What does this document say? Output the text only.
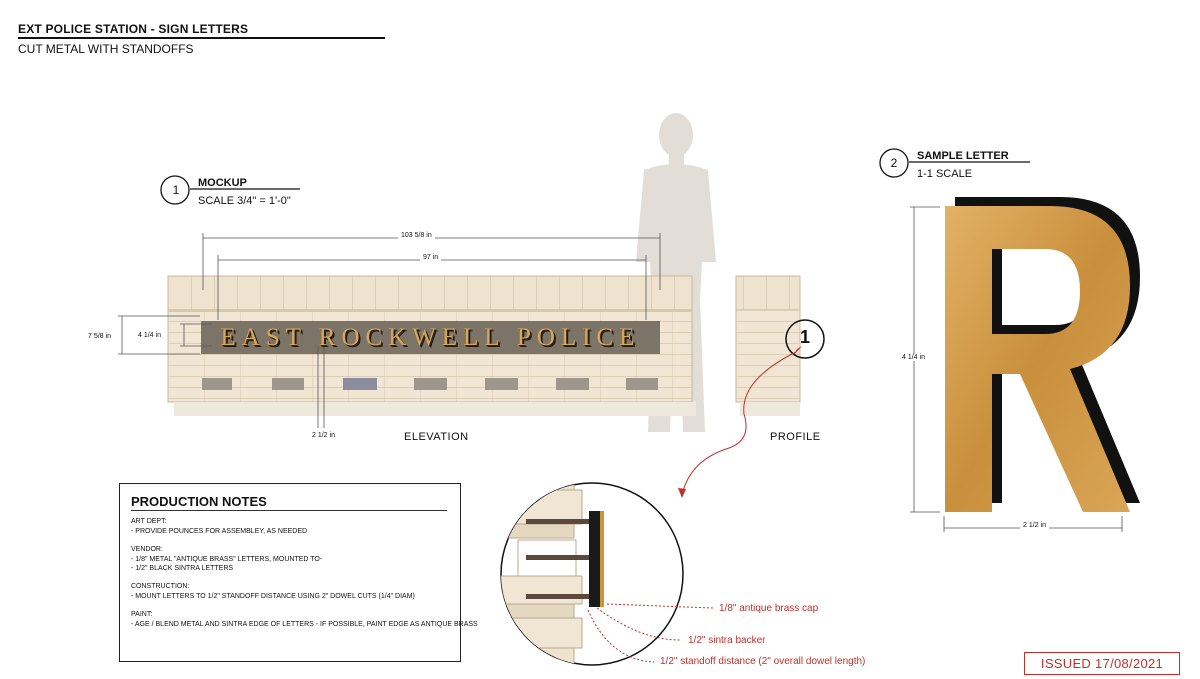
EXT POLICE STATION - SIGN LETTERS
CUT METAL WITH STANDOFFS
1 MOCKUP
SCALE 3/4" = 1'-0"
103 5/8 in
97 in
7 5/8 in	4 1/4 in
2 1/2 in
EAST ROCKWELL POLICE
ELEVATION	PROFILE
1
2 SAMPLE LETTER
1-1 SCALE
4 1/4 in
2 1/2 in
PRODUCTION NOTES
ART DEPT:
- PROVIDE POUNCES FOR ASSEMBLEY, AS NEEDED
VENDOR:
- 1/8" METAL "ANTIQUE BRASS" LETTERS, MOUNTED TO-
- 1/2" BLACK SINTRA LETTERS
CONSTRUCTION:
- MOUNT LETTERS TO 1/2" STANDOFF DISTANCE USING 2" DOWEL CUTS (1/4" DIAM)
PAINT:
- AGE / BLEND METAL AND SINTRA EDGE OF LETTERS - IF POSSIBLE, PAINT EDGE AS ANTIQUE BRASS
1/8" antique brass cap
1/2" sintra backer
1/2" standoff distance (2" overall dowel length)	ISSUED 17/08/2021
